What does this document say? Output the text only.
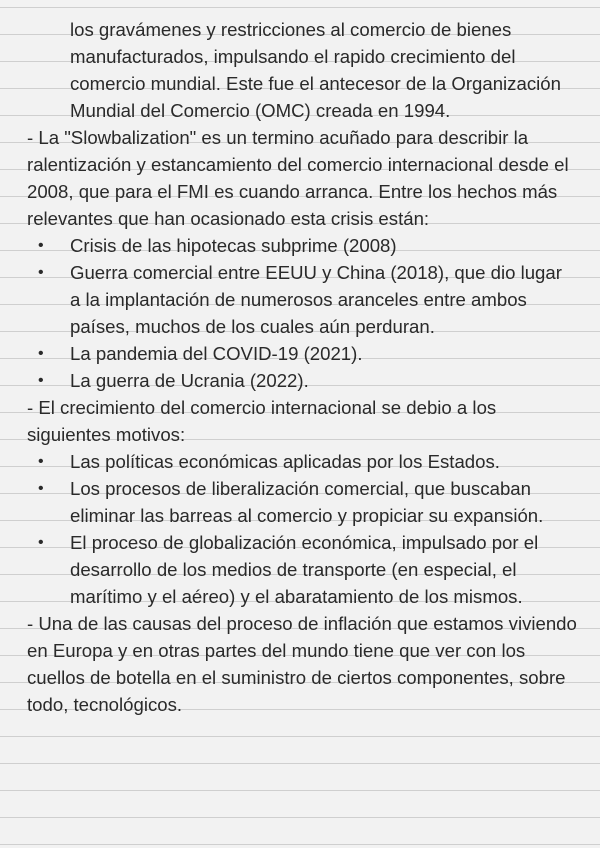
los gravámenes y restricciones al comercio de bienes manufacturados, impulsando el rapido crecimiento del comercio mundial. Este fue el antecesor de la Organización Mundial del Comercio (OMC) creada en 1994.

- La "Slowbalization" es un termino acuñado para describir la ralentización y estancamiento del comercio internacional desde el 2008, que para el FMI es cuando arranca. Entre los hechos más relevantes que han ocasionado esta crisis están:

• Crisis de las hipotecas subprime (2008)
• Guerra comercial entre EEUU y China (2018), que dio lugar a la implantación de numerosos aranceles entre ambos países, muchos de los cuales aún perduran.
• La pandemia del COVID-19 (2021).
• La guerra de Ucrania (2022).

- El crecimiento del comercio internacional se debio a los siguientes motivos:

• Las políticas económicas aplicadas por los Estados.
• Los procesos de liberalización comercial, que buscaban eliminar las barreas al comercio y propiciar su expansión.
• El proceso de globalización económica, impulsado por el desarrollo de los medios de transporte (en especial, el marítimo y el aéreo) y el abaratamiento de los mismos.

- Una de las causas del proceso de inflación que estamos viviendo en Europa y en otras partes del mundo tiene que ver con los cuellos de botella en el suministro de ciertos componentes, sobre todo, tecnológicos.
